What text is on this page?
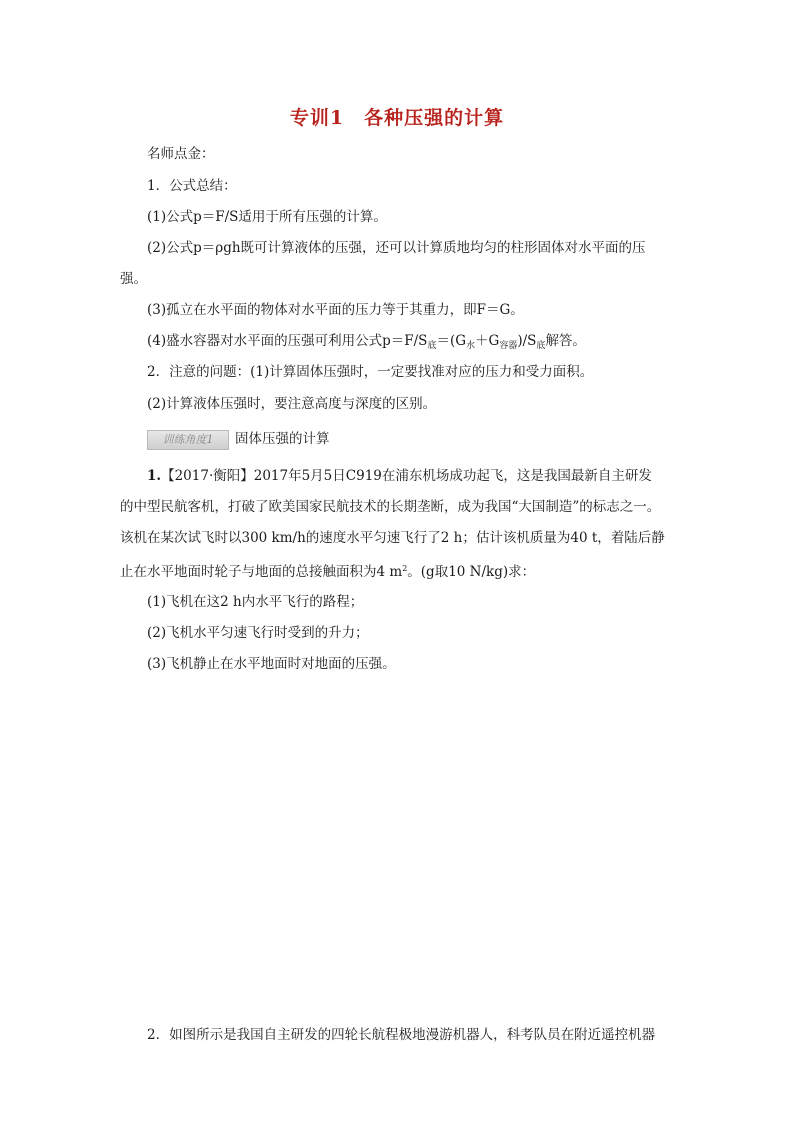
专训1　各种压强的计算
名师点金：
1．公式总结：
(1)公式p＝F/S适用于所有压强的计算。
(2)公式p＝ρgh既可计算液体的压强，还可以计算质地均匀的柱形固体对水平面的压
强。
(3)孤立在水平面的物体对水平面的压力等于其重力，即F＝G。
(4)盛水容器对水平面的压强可利用公式$p=F/S_底=(G_水+G_{容器})/S_底$解答。
2．注意的问题：(1)计算固体压强时，一定要找准对应的压力和受力面积。
(2)计算液体压强时，要注意高度与深度的区别。
训练角度1 固体压强的计算
1.【2017·衡阳】2017年5月5日C919在浦东机场成功起飞，这是我国最新自主研发
的中型民航客机，打破了欧美国家民航技术的长期垄断，成为我国“大国制造”的标志之一。
该机在某次试飞时以300 km/h的速度水平匀速飞行了2 h；估计该机质量为40 t，着陆后静
止在水平地面时轮子与地面的总接触面积为4 $m^2$。(g取10 N/kg)求：
(1)飞机在这2 h内水平飞行的路程；
(2)飞机水平匀速飞行时受到的升力；
(3)飞机静止在水平地面时对地面的压强。
2．如图所示是我国自主研发的四轮长航程极地漫游机器人，科考队员在附近遥控机器
